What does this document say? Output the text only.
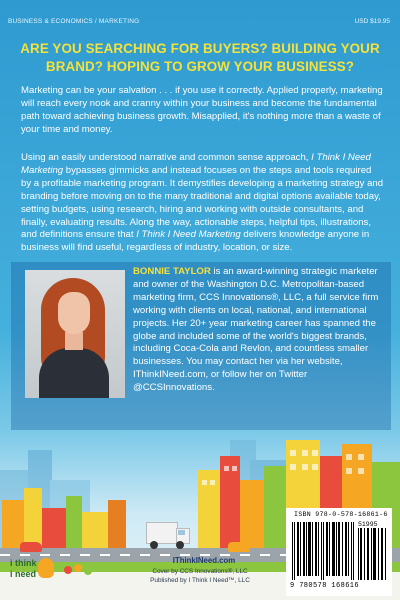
BUSINESS & ECONOMICS / MARKETING	USD $19.95
ARE YOU SEARCHING FOR BUYERS? BUILDING YOUR BRAND? HOPING TO GROW YOUR BUSINESS?
Marketing can be your salvation . . . if you use it correctly. Applied properly, marketing will reach every nook and cranny within your business and become the fundamental path toward achieving business growth. Misapplied, it's nothing more than a waste of your time and money.
Using an easily understood narrative and common sense approach, I Think I Need Marketing bypasses gimmicks and instead focuses on the steps and tools required by a profitable marketing program. It demystifies developing a marketing strategy and branding before moving on to the many traditional and digital options available today, setting budgets, using research, hiring and working with outside consultants, and finally, evaluating results. Along the way, actionable steps, helpful tips, illustrations, and definitions ensure that I Think I Need Marketing delivers knowledge anyone in business will find useful, regardless of industry, location, or size.
BONNIE TAYLOR is an award-winning strategic marketer and owner of the Washington D.C. Metropolitan-based marketing firm, CCS Innovations®, LLC, a full service firm working with clients on local, national, and international projects. Her 20+ year marketing career has spanned the globe and included some of the world's biggest brands, including Coca-Cola and Revlon, and countless smaller businesses. You may contact her via her website, IThinkINeed.com, or follow her on Twitter @CCSInnovations.
i think
i need
IThinkINeed.com
Cover by CCS Innovations®, LLC
Published by I Think I Need™, LLC
ISBN 978-0-578-16861-6
51995
9 780578 168616
